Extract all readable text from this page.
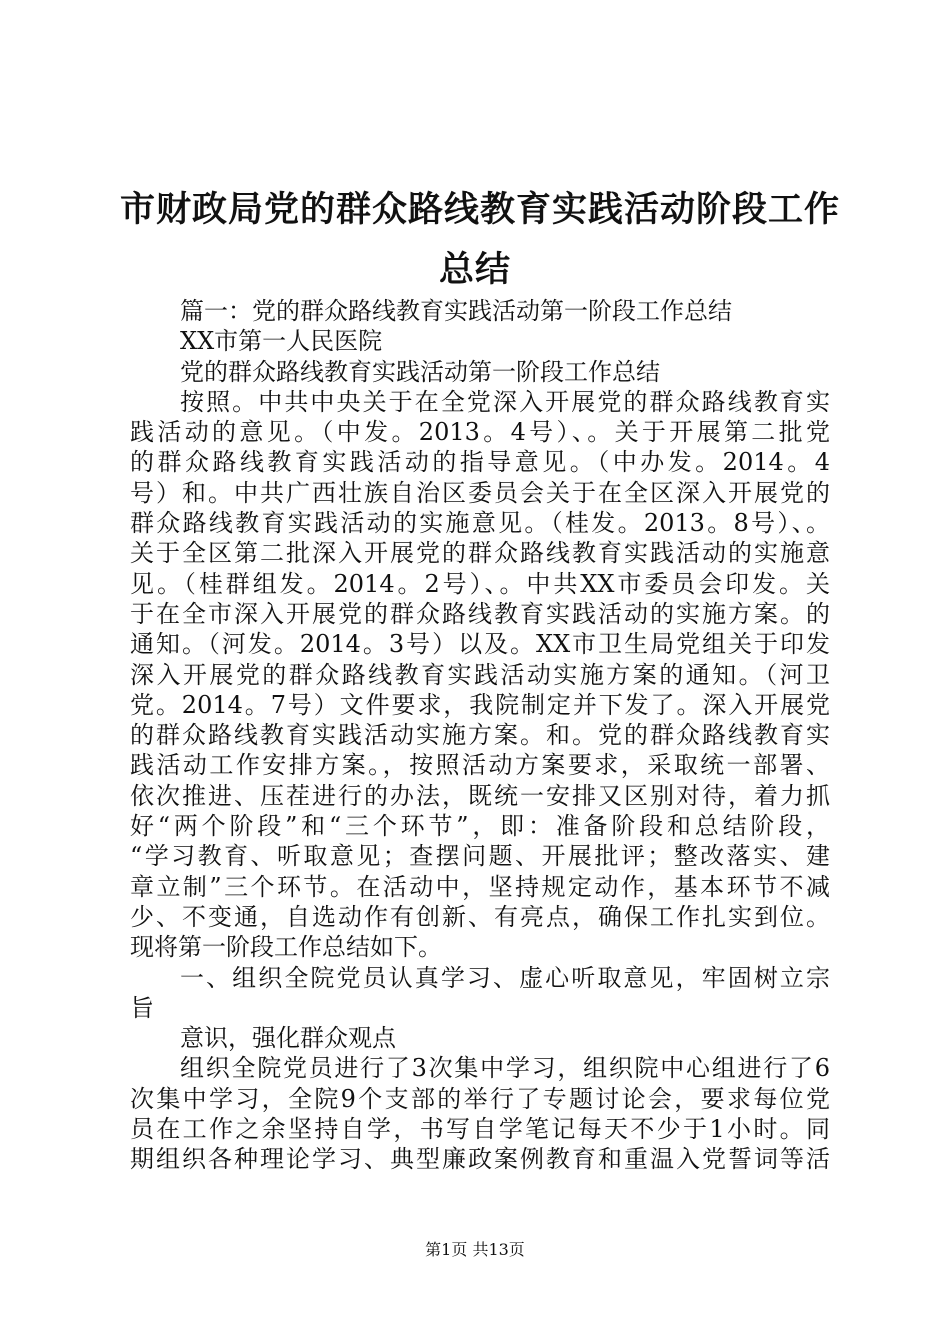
市财政局党的群众路线教育实践活动阶段工作
总结
篇一：党的群众路线教育实践活动第一阶段工作总结
XX市第一人民医院
党的群众路线教育实践活动第一阶段工作总结
按照。中共中央关于在全党深入开展党的群众路线教育实
践活动的意见。（中发。2013。4号）、。关于开展第二批党
的群众路线教育实践活动的指导意见。（中办发。2014。4
号）和。中共广西壮族自治区委员会关于在全区深入开展党的
群众路线教育实践活动的实施意见。（桂发。2013。8号）、。
关于全区第二批深入开展党的群众路线教育实践活动的实施意
见。（桂群组发。2014。2号）、。中共XX市委员会印发。关
于在全市深入开展党的群众路线教育实践活动的实施方案。的
通知。（河发。2014。3号）以及。XX市卫生局党组关于印发
深入开展党的群众路线教育实践活动实施方案的通知。（河卫
党。2014。7号）文件要求，我院制定并下发了。深入开展党
的群众路线教育实践活动实施方案。和。党的群众路线教育实
践活动工作安排方案。，按照活动方案要求，采取统一部署、
依次推进、压茬进行的办法，既统一安排又区别对待，着力抓
好“两个阶段”和“三个环节”，即：准备阶段和总结阶段，
“学习教育、听取意见；查摆问题、开展批评；整改落实、建
章立制”三个环节。在活动中，坚持规定动作，基本环节不减
少、不变通，自选动作有创新、有亮点，确保工作扎实到位。
现将第一阶段工作总结如下。
一、组织全院党员认真学习、虚心听取意见，牢固树立宗
旨
意识，强化群众观点
组织全院党员进行了3次集中学习，组织院中心组进行了6
次集中学习，全院9个支部的举行了专题讨论会，要求每位党
员在工作之余坚持自学，书写自学笔记每天不少于1小时。同
期组织各种理论学习、典型廉政案例教育和重温入党誓词等活
第1页 共13页
